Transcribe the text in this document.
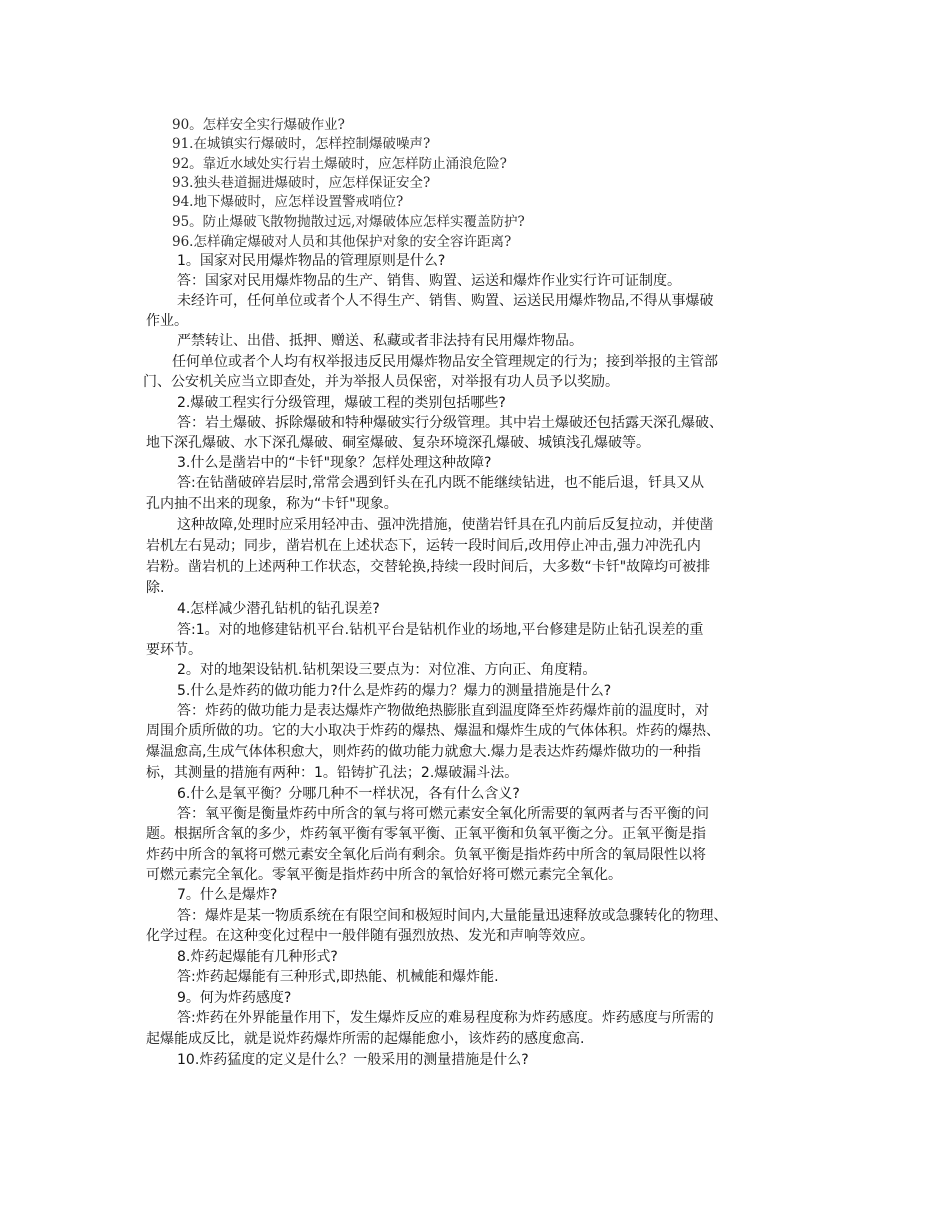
90。怎样安全实行爆破作业?
91.在城镇实行爆破时，怎样控制爆破噪声?
92。靠近水域处实行岩土爆破时，应怎样防止涌浪危险?
93.独头巷道掘进爆破时，应怎样保证安全?
94.地下爆破时，应怎样设置警戒哨位?
95。防止爆破飞散物抛散过远,对爆破体应怎样实覆盖防护?
96.怎样确定爆破对人员和其他保护对象的安全容许距离?
1。国家对民用爆炸物品的管理原则是什么?
答：国家对民用爆炸物品的生产、销售、购置、运送和爆炸作业实行许可证制度。
未经许可，任何单位或者个人不得生产、销售、购置、运送民用爆炸物品,不得从事爆破
作业。
严禁转让、出借、抵押、赠送、私藏或者非法持有民用爆炸物品。
任何单位或者个人均有权举报违反民用爆炸物品安全管理规定的行为；接到举报的主管部
门、公安机关应当立即查处，并为举报人员保密，对举报有功人员予以奖励。
2.爆破工程实行分级管理，爆破工程的类别包括哪些?
答：岩土爆破、拆除爆破和特种爆破实行分级管理。其中岩土爆破还包括露天深孔爆破、
地下深孔爆破、水下深孔爆破、硐室爆破、复杂环境深孔爆破、城镇浅孔爆破等。
3.什么是凿岩中的“卡钎"现象？怎样处理这种故障?
答:在钻凿破碎岩层时,常常会遇到钎头在孔内既不能继续钻进，也不能后退，钎具又从
孔内抽不出来的现象，称为“卡钎"现象。
这种故障,处理时应采用轻冲击、强冲洗措施，使凿岩钎具在孔内前后反复拉动，并使凿
岩机左右晃动；同步，凿岩机在上述状态下，运转一段时间后,改用停止冲击,强力冲洗孔内
岩粉。凿岩机的上述两种工作状态，交替轮换,持续一段时间后，大多数“卡钎"故障均可被排
除.
4.怎样减少潜孔钻机的钻孔误差?
答:1。对的地修建钻机平台.钻机平台是钻机作业的场地,平台修建是防止钻孔误差的重
要环节。
2。对的地架设钻机.钻机架设三要点为：对位准、方向正、角度精。
5.什么是炸药的做功能力?什么是炸药的爆力？爆力的测量措施是什么?
答：炸药的做功能力是表达爆炸产物做绝热膨胀直到温度降至炸药爆炸前的温度时，对
周围介质所做的功。它的大小取决于炸药的爆热、爆温和爆炸生成的气体体积。炸药的爆热、
爆温愈高,生成气体体积愈大，则炸药的做功能力就愈大.爆力是表达炸药爆炸做功的一种指
标，其测量的措施有两种：1。铅铸扩孔法；2.爆破漏斗法。
6.什么是氧平衡？分哪几种不一样状况，各有什么含义?
答：氧平衡是衡量炸药中所含的氧与将可燃元素安全氧化所需要的氧两者与否平衡的问
题。根据所含氧的多少，炸药氧平衡有零氧平衡、正氧平衡和负氧平衡之分。正氧平衡是指
炸药中所含的氧将可燃元素安全氧化后尚有剩余。负氧平衡是指炸药中所含的氧局限性以将
可燃元素完全氧化。零氧平衡是指炸药中所含的氧恰好将可燃元素完全氧化。
7。什么是爆炸?
答：爆炸是某一物质系统在有限空间和极短时间内,大量能量迅速释放或急骤转化的物理、
化学过程。在这种变化过程中一般伴随有强烈放热、发光和声响等效应。
8.炸药起爆能有几种形式?
答:炸药起爆能有三种形式,即热能、机械能和爆炸能.
9。何为炸药感度?
答:炸药在外界能量作用下，发生爆炸反应的难易程度称为炸药感度。炸药感度与所需的
起爆能成反比，就是说炸药爆炸所需的起爆能愈小，该炸药的感度愈高.
10.炸药猛度的定义是什么？一般采用的测量措施是什么?
